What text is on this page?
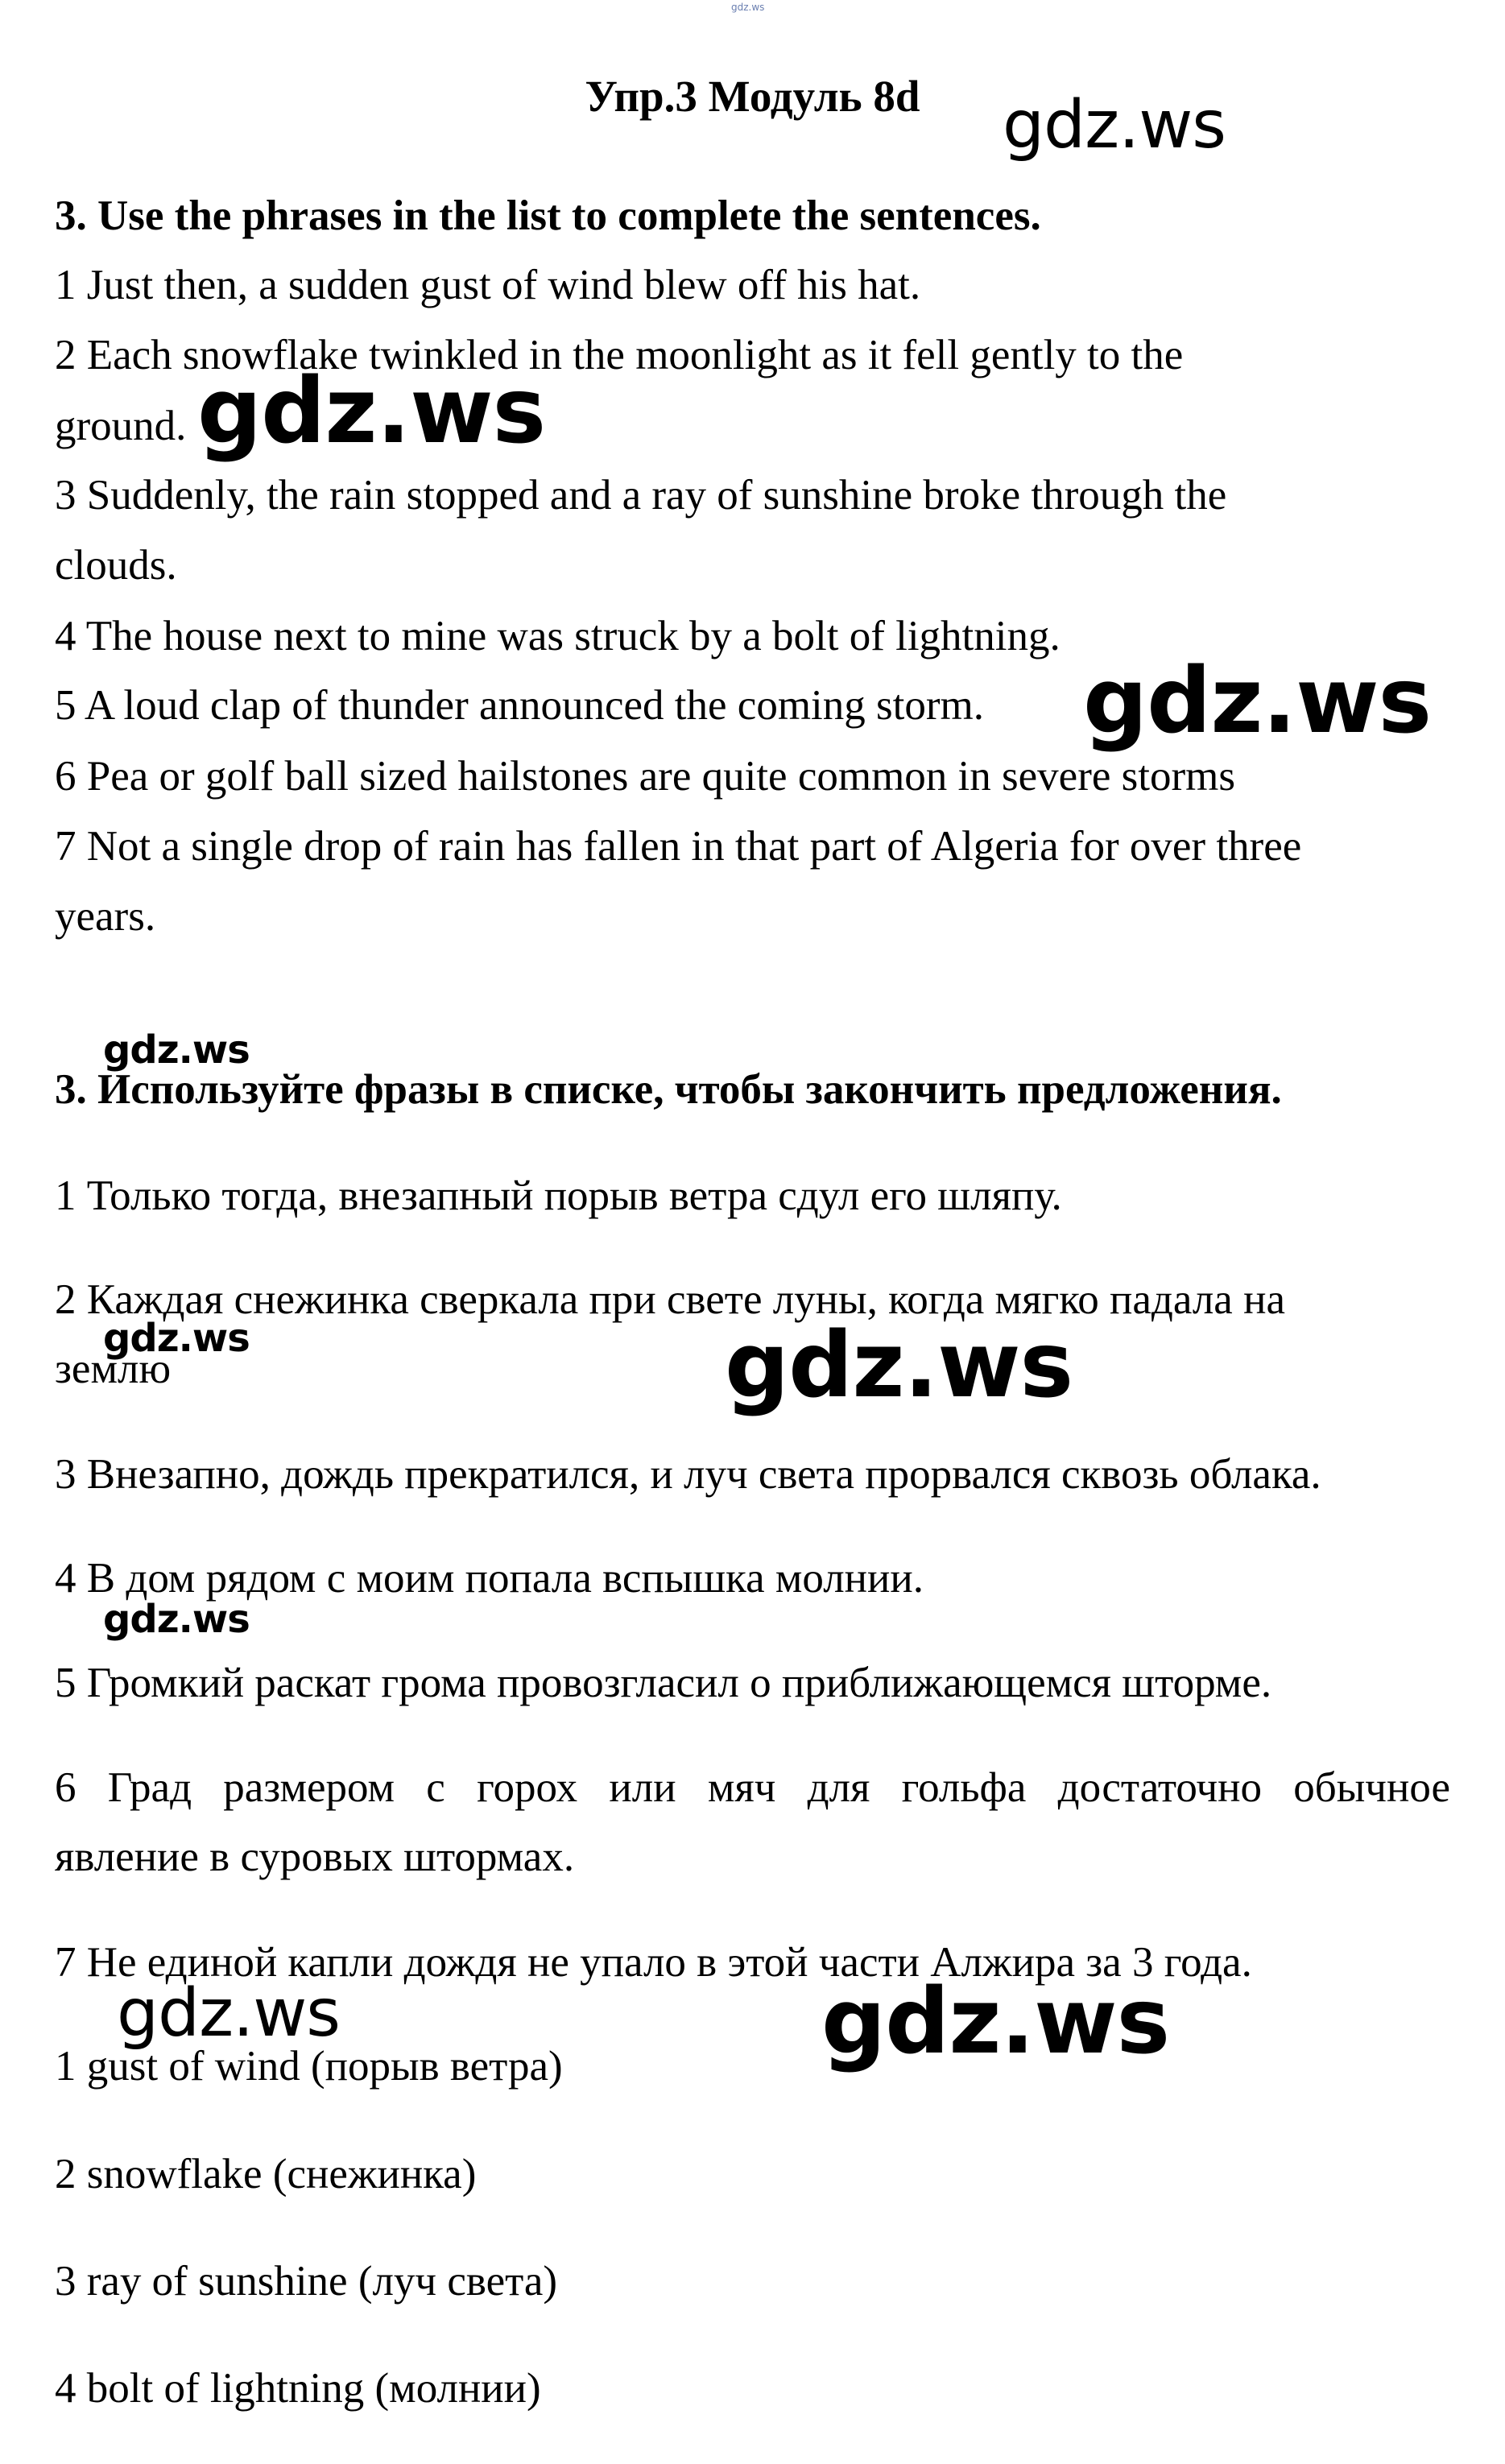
gdz.ws
Упр.3 Модуль 8d
3. Use the phrases in the list to complete the sentences.
1 Just then, a sudden gust of wind blew off his hat.
2 Each snowflake twinkled in the moonlight as it fell gently to the
ground.
3 Suddenly, the rain stopped and a ray of sunshine broke through the
clouds.
4 The house next to mine was struck by a bolt of lightning.
5 A loud clap of thunder announced the coming storm.
6 Pea or golf ball sized hailstones are quite common in severe storms
7 Not a single drop of rain has fallen in that part of Algeria for over three
years.
3. Используйте фразы в списке, чтобы закончить предложения.
1 Только тогда, внезапный порыв ветра сдул его шляпу.
2 Каждая снежинка сверкала при свете луны, когда мягко падала на
землю
3 Внезапно, дождь прекратился, и луч света прорвался сквозь облака.
4 В дом рядом с моим попала вспышка молнии.
5 Громкий раскат грома провозгласил о приближающемся шторме.
6 Град размером с горох или мяч для гольфа достаточно обычное
явление в суровых штормах.
7 Не единой капли дождя не упало в этой части Алжира за 3 года.
1 gust of wind (порыв ветра)
2 snowflake (снежинка)
3 ray of sunshine (луч света)
4 bolt of lightning (молнии)
gdz.ws
gdz.ws
gdz.ws
gdz.ws
gdz.ws	gdz.ws
gdz.ws
gdz.ws	gdz.ws
